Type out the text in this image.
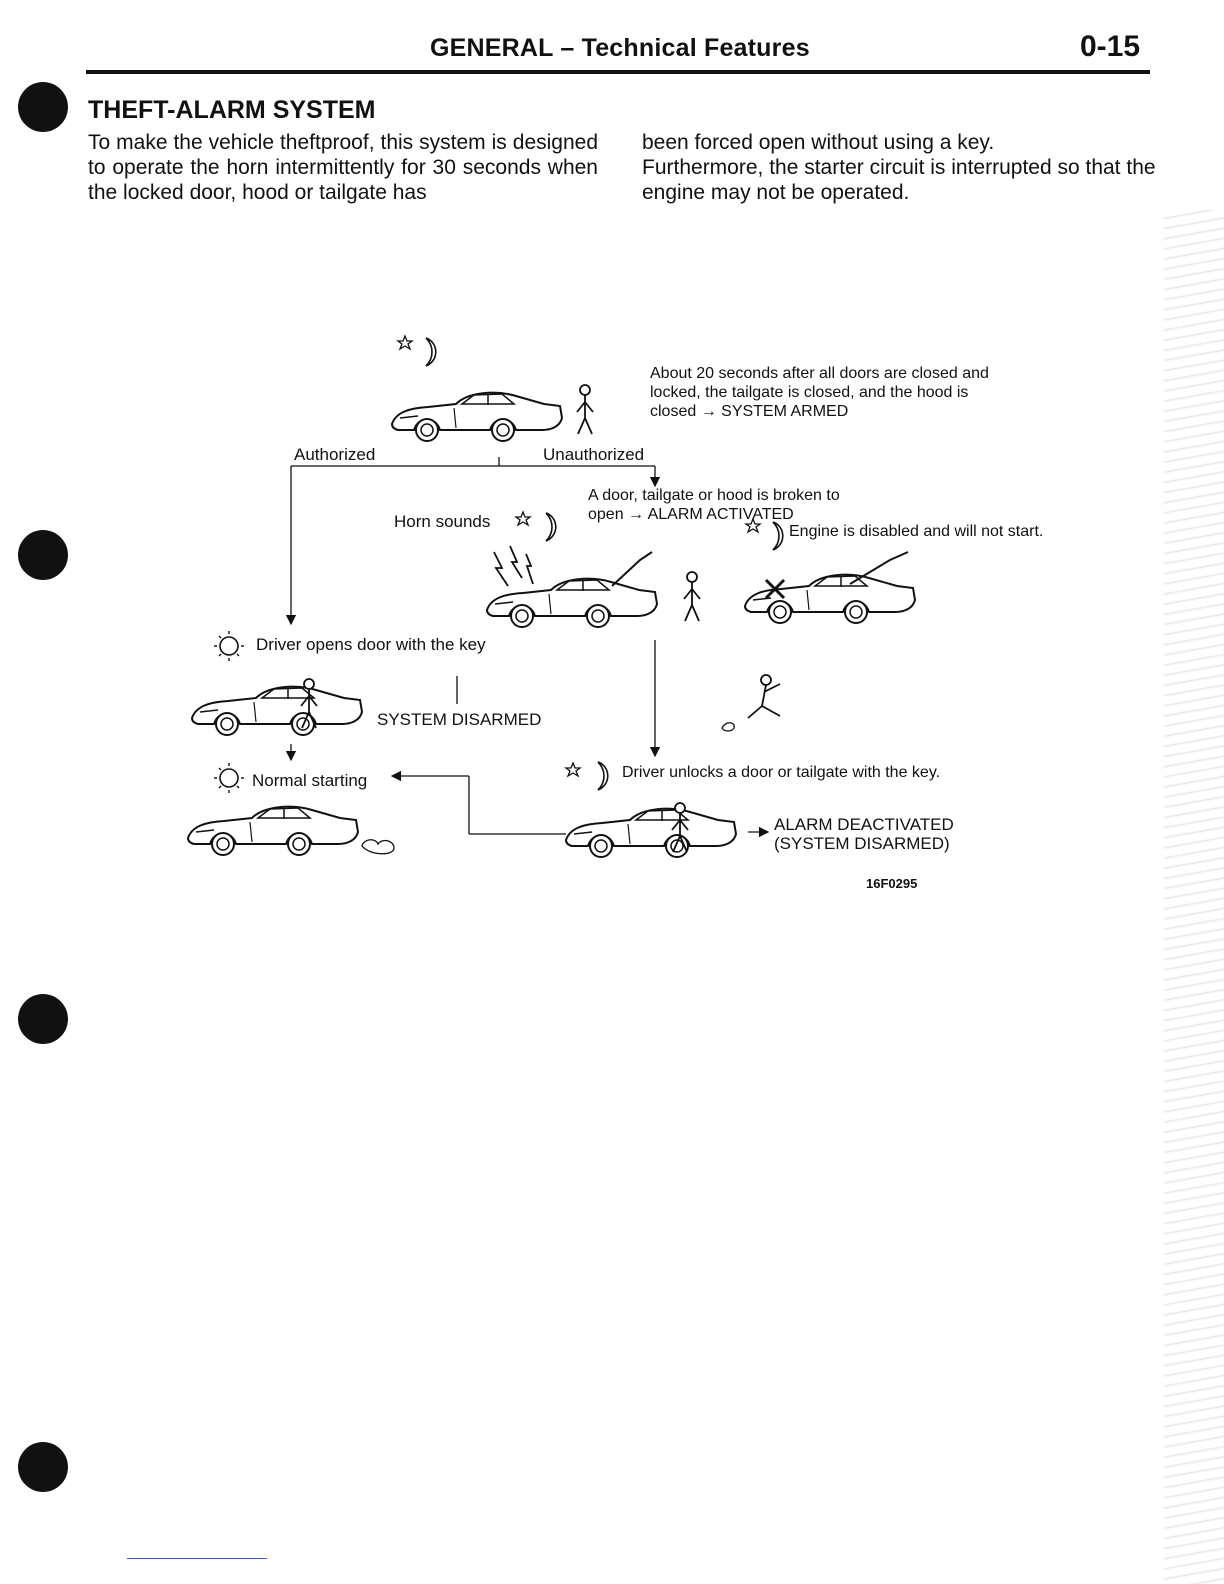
GENERAL – Technical Features	0-15
THEFT-ALARM SYSTEM

To make the vehicle theftproof, this system is designed to operate the horn intermittently for 30 seconds when the locked door, hood or tailgate has

been forced open without using a key.
Furthermore, the starter circuit is interrupted so that the engine may not be operated.
About 20 seconds after all doors are closed and
locked, the tailgate is closed, and the hood is
closed → SYSTEM ARMED
Authorized	Unauthorized
A door, tailgate or hood is broken to
open → ALARM ACTIVATED
Horn sounds
Engine is disabled and will not start.
Driver opens door with the key
SYSTEM DISARMED
Normal starting	Driver unlocks a door or tailgate with the key.
ALARM DEACTIVATED
(SYSTEM DISARMED)
16F0295
